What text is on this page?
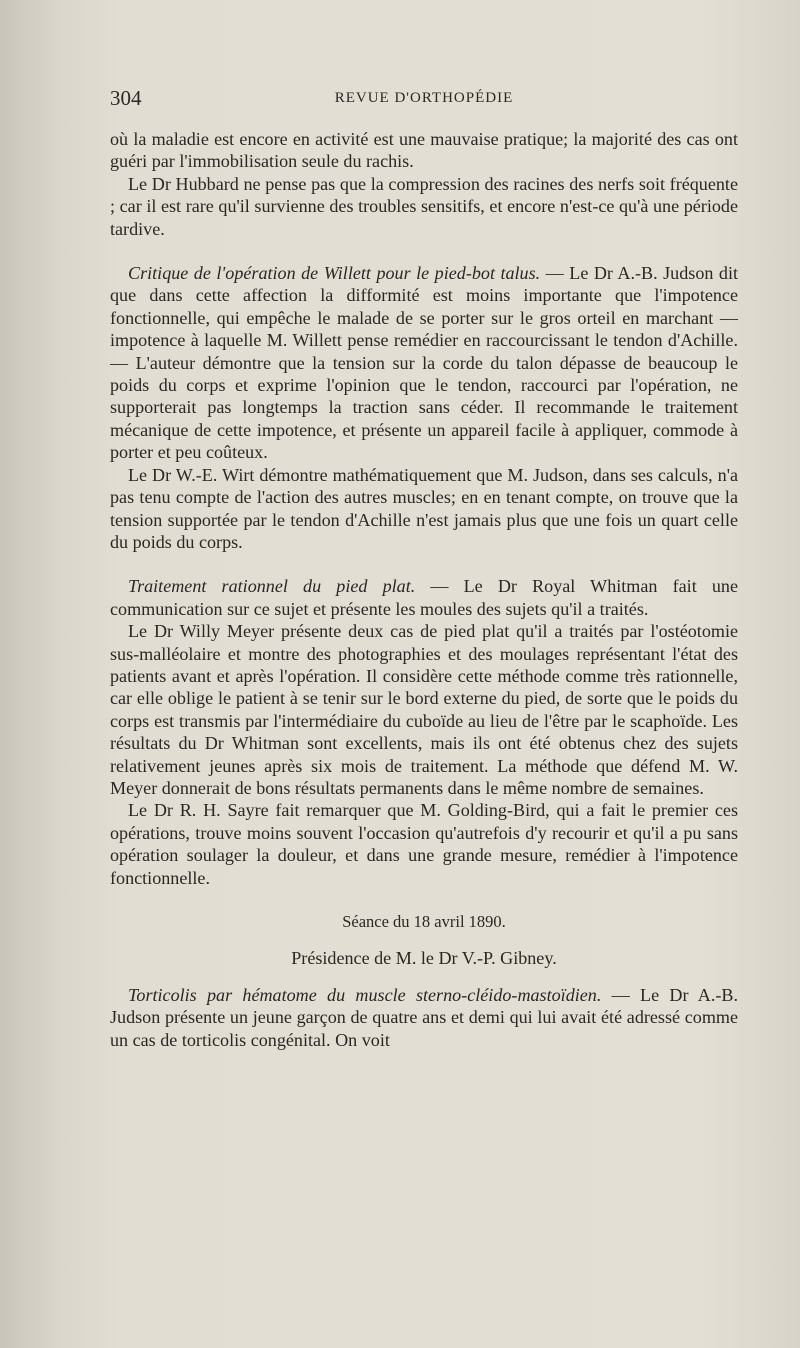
304	REVUE D'ORTHOPÉDIE

où la maladie est encore en activité est une mauvaise pratique; la majorité des cas ont guéri par l'immobilisation seule du rachis.

Le Dr Hubbard ne pense pas que la compression des racines des nerfs soit fréquente ; car il est rare qu'il survienne des troubles sensitifs, et encore n'est-ce qu'à une période tardive.

Critique de l'opération de Willett pour le pied-bot talus. — Le Dr A.-B. Judson dit que dans cette affection la difformité est moins importante que l'impotence fonctionnelle, qui empêche le malade de se porter sur le gros orteil en marchant — impotence à laquelle M. Willett pense remédier en raccourcissant le tendon d'Achille. — L'auteur démontre que la tension sur la corde du talon dépasse de beaucoup le poids du corps et exprime l'opinion que le tendon, raccourci par l'opération, ne supporterait pas longtemps la traction sans céder. Il recommande le traitement mécanique de cette impotence, et présente un appareil facile à appliquer, commode à porter et peu coûteux.

Le Dr W.-E. Wirt démontre mathématiquement que M. Judson, dans ses calculs, n'a pas tenu compte de l'action des autres muscles; en en tenant compte, on trouve que la tension supportée par le tendon d'Achille n'est jamais plus que une fois un quart celle du poids du corps.

Traitement rationnel du pied plat. — Le Dr Royal Whitman fait une communication sur ce sujet et présente les moules des sujets qu'il a traités.

Le Dr Willy Meyer présente deux cas de pied plat qu'il a traités par l'ostéotomie sus-malléolaire et montre des photographies et des moulages représentant l'état des patients avant et après l'opération. Il considère cette méthode comme très rationnelle, car elle oblige le patient à se tenir sur le bord externe du pied, de sorte que le poids du corps est transmis par l'intermédiaire du cuboïde au lieu de l'être par le scaphoïde. Les résultats du Dr Whitman sont excellents, mais ils ont été obtenus chez des sujets relativement jeunes après six mois de traitement. La méthode que défend M. W. Meyer donnerait de bons résultats permanents dans le même nombre de semaines.

Le Dr R. H. Sayre fait remarquer que M. Golding-Bird, qui a fait le premier ces opérations, trouve moins souvent l'occasion qu'autrefois d'y recourir et qu'il a pu sans opération soulager la douleur, et dans une grande mesure, remédier à l'impotence fonctionnelle.

Séance du 18 avril 1890.

Présidence de M. le Dr V.-P. Gibney.

Torticolis par hématome du muscle sterno-cléido-mastoïdien. — Le Dr A.-B. Judson présente un jeune garçon de quatre ans et demi qui lui avait été adressé comme un cas de torticolis congénital. On voit
